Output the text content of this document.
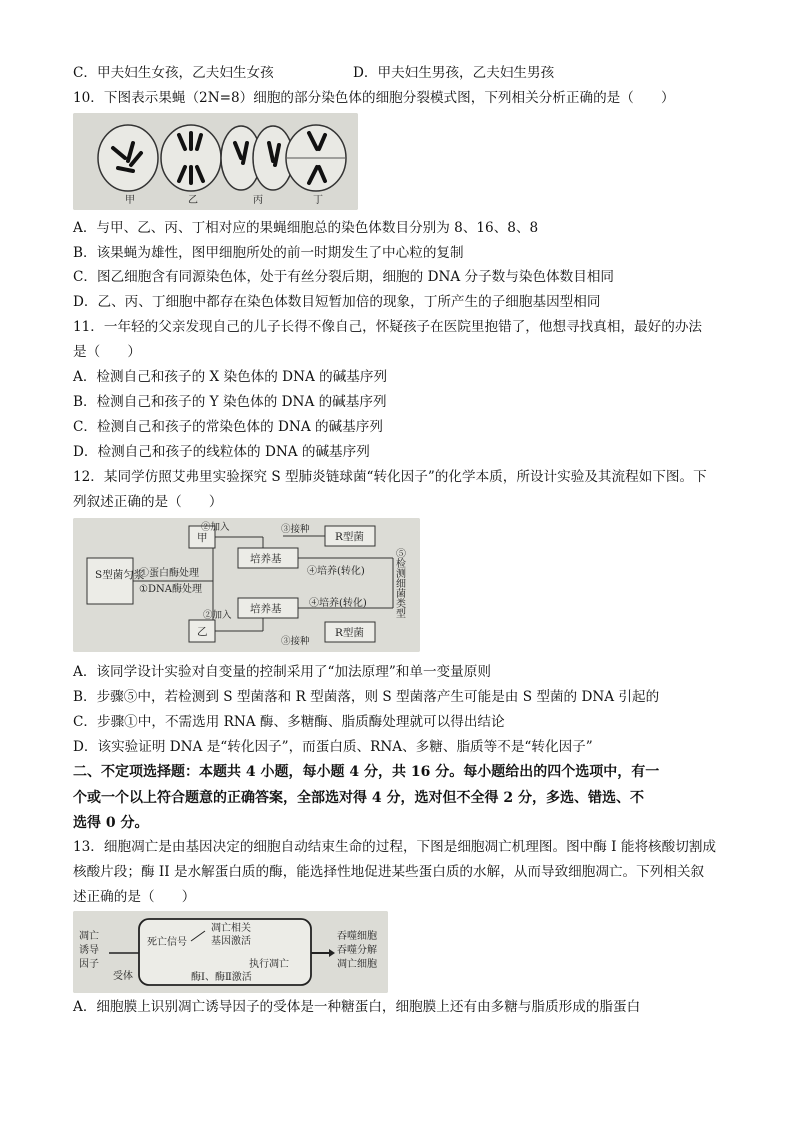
C．甲夫妇生女孩，乙夫妇生女孩	D．甲夫妇生男孩，乙夫妇生男孩
10．下图表示果蝇（2N=8）细胞的部分染色体的细胞分裂模式图，下列相关分析正确的是（　　）
甲	乙	丙	丁
A．与甲、乙、丙、丁相对应的果蝇细胞总的染色体数目分别为 8、16、8、8
B．该果蝇为雄性，图甲细胞所处的前一时期发生了中心粒的复制
C．图乙细胞含有同源染色体，处于有丝分裂后期，细胞的 DNA 分子数与染色体数目相同
D．乙、丙、丁细胞中都存在染色体数目短暂加倍的现象，丁所产生的子细胞基因型相同
11．一年轻的父亲发现自己的儿子长得不像自己，怀疑孩子在医院里抱错了，他想寻找真相，最好的办法
是（　　）
A．检测自己和孩子的 X 染色体的 DNA 的碱基序列
B．检测自己和孩子的 Y 染色体的 DNA 的碱基序列
C．检测自己和孩子的常染色体的 DNA 的碱基序列
D．检测自己和孩子的线粒体的 DNA 的碱基序列
12．某同学仿照艾弗里实验探究 S 型肺炎链球菌“转化因子”的化学本质，所设计实验及其流程如下图。下
列叙述正确的是（　　）
S型菌匀浆
①蛋白酶处理
①DNA酶处理
甲
乙
②加入
培养基
③接种
R型菌
④培养(转化)
②加入
培养基	④培养(转化)
③接种
R型菌
⑤检测细菌类型
A．该同学设计实验对自变量的控制采用了“加法原理”和单一变量原则
B．步骤⑤中，若检测到 S 型菌落和 R 型菌落，则 S 型菌落产生可能是由 S 型菌的 DNA 引起的
C．步骤①中，不需选用 RNA 酶、多糖酶、脂质酶处理就可以得出结论
D．该实验证明 DNA 是“转化因子”，而蛋白质、RNA、多糖、脂质等不是“转化因子”
二、不定项选择题：本题共 4 小题，每小题 4 分，共 16 分。每小题给出的四个选项中，有一
个或一个以上符合题意的正确答案，全部选对得 4 分，选对但不全得 2 分，多选、错选、不
选得 0 分。
13．细胞凋亡是由基因决定的细胞自动结束生命的过程，下图是细胞凋亡机理图。图中酶 I 能将核酸切割成
核酸片段；酶 II 是水解蛋白质的酶，能选择性地促进某些蛋白质的水解，从而导致细胞凋亡。下列相关叙
述正确的是（　　）
凋亡
诱导
因子
受体
死亡信号
凋亡相关
基因激活
执行凋亡
酶Ⅰ、酶Ⅱ激活
吞噬细胞
吞噬分解
凋亡细胞
A．细胞膜上识别凋亡诱导因子的受体是一种糖蛋白，细胞膜上还有由多糖与脂质形成的脂蛋白
